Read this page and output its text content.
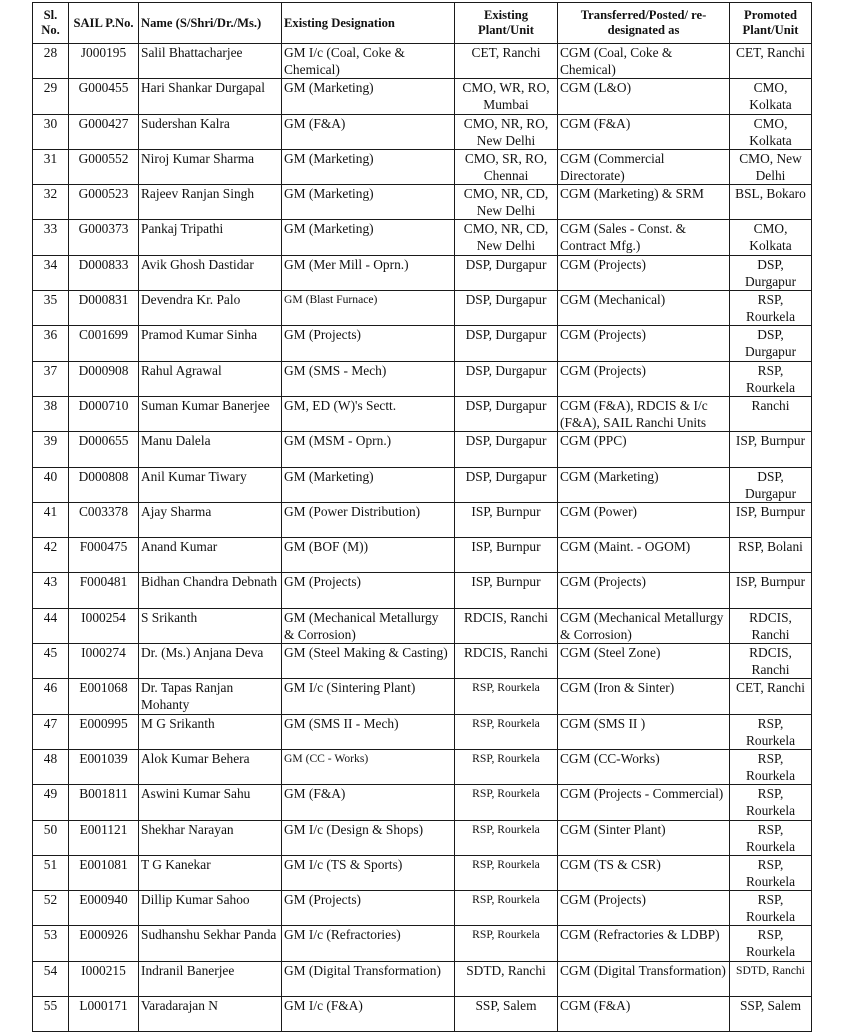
Sl. No.	SAIL P.No.	Name (S/Shri/Dr./Ms.)	Existing Designation	Existing Plant/Unit	Transferred/Posted/ re-designated as	Promoted Plant/Unit
28	J000195	Salil Bhattacharjee	GM I/c (Coal, Coke & Chemical)	CET, Ranchi	CGM (Coal, Coke & Chemical)	CET, Ranchi
29	G000455	Hari Shankar Durgapal	GM (Marketing)	CMO, WR, RO, Mumbai	CGM (L&O)	CMO, Kolkata
30	G000427	Sudershan Kalra	GM (F&A)	CMO, NR, RO, New Delhi	CGM (F&A)	CMO, Kolkata
31	G000552	Niroj Kumar Sharma	GM (Marketing)	CMO, SR, RO, Chennai	CGM (Commercial Directorate)	CMO, New Delhi
32	G000523	Rajeev Ranjan Singh	GM (Marketing)	CMO, NR, CD, New Delhi	CGM (Marketing) & SRM	BSL, Bokaro
33	G000373	Pankaj Tripathi	GM (Marketing)	CMO, NR, CD, New Delhi	CGM (Sales - Const. & Contract Mfg.)	CMO, Kolkata
34	D000833	Avik Ghosh Dastidar	GM (Mer Mill - Oprn.)	DSP, Durgapur	CGM (Projects)	DSP, Durgapur
35	D000831	Devendra Kr. Palo	GM (Blast Furnace)	DSP, Durgapur	CGM (Mechanical)	RSP, Rourkela
36	C001699	Pramod Kumar Sinha	GM (Projects)	DSP, Durgapur	CGM (Projects)	DSP, Durgapur
37	D000908	Rahul Agrawal	GM (SMS - Mech)	DSP, Durgapur	CGM (Projects)	RSP, Rourkela
38	D000710	Suman Kumar Banerjee	GM, ED (W)'s Sectt.	DSP, Durgapur	CGM (F&A), RDCIS & I/c (F&A), SAIL Ranchi Units	Ranchi
39	D000655	Manu Dalela	GM (MSM - Oprn.)	DSP, Durgapur	CGM (PPC)	ISP, Burnpur
40	D000808	Anil Kumar Tiwary	GM (Marketing)	DSP, Durgapur	CGM (Marketing)	DSP, Durgapur
41	C003378	Ajay Sharma	GM (Power Distribution)	ISP, Burnpur	CGM (Power)	ISP, Burnpur
42	F000475	Anand Kumar	GM (BOF (M))	ISP, Burnpur	CGM (Maint. - OGOM)	RSP, Bolani
43	F000481	Bidhan Chandra Debnath	GM (Projects)	ISP, Burnpur	CGM (Projects)	ISP, Burnpur
44	I000254	S Srikanth	GM (Mechanical Metallurgy & Corrosion)	RDCIS, Ranchi	CGM (Mechanical Metallurgy & Corrosion)	RDCIS, Ranchi
45	I000274	Dr. (Ms.) Anjana Deva	GM (Steel Making & Casting)	RDCIS, Ranchi	CGM (Steel Zone)	RDCIS, Ranchi
46	E001068	Dr. Tapas Ranjan Mohanty	GM I/c (Sintering Plant)	RSP, Rourkela	CGM (Iron & Sinter)	CET, Ranchi
47	E000995	M G Srikanth	GM (SMS II - Mech)	RSP, Rourkela	CGM (SMS II )	RSP, Rourkela
48	E001039	Alok Kumar Behera	GM (CC - Works)	RSP, Rourkela	CGM (CC-Works)	RSP, Rourkela
49	B001811	Aswini Kumar Sahu	GM (F&A)	RSP, Rourkela	CGM (Projects - Commercial)	RSP, Rourkela
50	E001121	Shekhar Narayan	GM I/c (Design & Shops)	RSP, Rourkela	CGM (Sinter Plant)	RSP, Rourkela
51	E001081	T G Kanekar	GM I/c (TS & Sports)	RSP, Rourkela	CGM (TS & CSR)	RSP, Rourkela
52	E000940	Dillip Kumar Sahoo	GM (Projects)	RSP, Rourkela	CGM (Projects)	RSP, Rourkela
53	E000926	Sudhanshu Sekhar Panda	GM I/c (Refractories)	RSP, Rourkela	CGM (Refractories & LDBP)	RSP, Rourkela
54	I000215	Indranil Banerjee	GM (Digital Transformation)	SDTD, Ranchi	CGM (Digital Transformation)	SDTD, Ranchi
55	L000171	Varadarajan N	GM I/c (F&A)	SSP, Salem	CGM (F&A)	SSP, Salem
